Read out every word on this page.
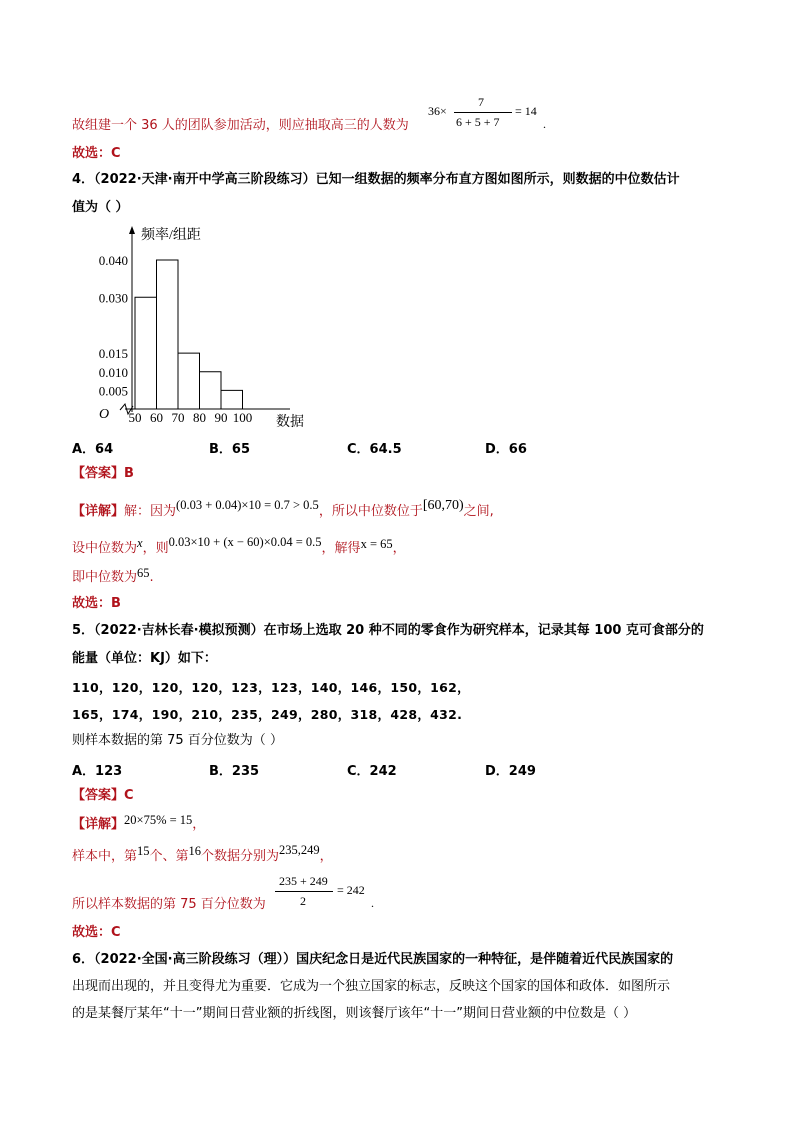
故组建一个 36 人的团队参加活动，则应抽取高三的人数为
36×
7
6 + 5 + 7
= 14
.
故选：C
4．（2022·天津·南开中学高三阶段练习）已知一组数据的频率分布直方图如图所示，则数据的中位数估计
值为（ ）
频率/组距
数据
O
0.040
0.030
0.015
0.010
0.005
50 60 70 80 90 100
A．64	B．65	C．64.5	D．66
【答案】B
【详解】解：因为(0.03 + 0.04)×10 = 0.7 > 0.5，所以中位数位于[60,70)之间,
设中位数为x，则0.03×10 + (x − 60)×0.04 = 0.5，解得x = 65，
即中位数为65.
故选：B
5．（2022·吉林长春·模拟预测）在市场上选取 20 种不同的零食作为研究样本，记录其每 100 克可食部分的
能量（单位：KJ）如下：
110，120，120，120，123，123，140，146，150，162，
165，174，190，210，235，249，280，318，428，432.
则样本数据的第 75 百分位数为（ ）
A．123	B．235	C．242	D．249
【答案】C
【详解】20×75% = 15，
样本中，第15个、第16个数据分别为235,249，
所以样本数据的第 75 百分位数为
235 + 249
2
= 242
.
故选：C
6．（2022·全国·高三阶段练习（理））国庆纪念日是近代民族国家的一种特征，是伴随着近代民族国家的
出现而出现的，并且变得尤为重要．它成为一个独立国家的标志，反映这个国家的国体和政体．如图所示
的是某餐厅某年“十一”期间日营业额的折线图，则该餐厅该年“十一”期间日营业额的中位数是（ ）
